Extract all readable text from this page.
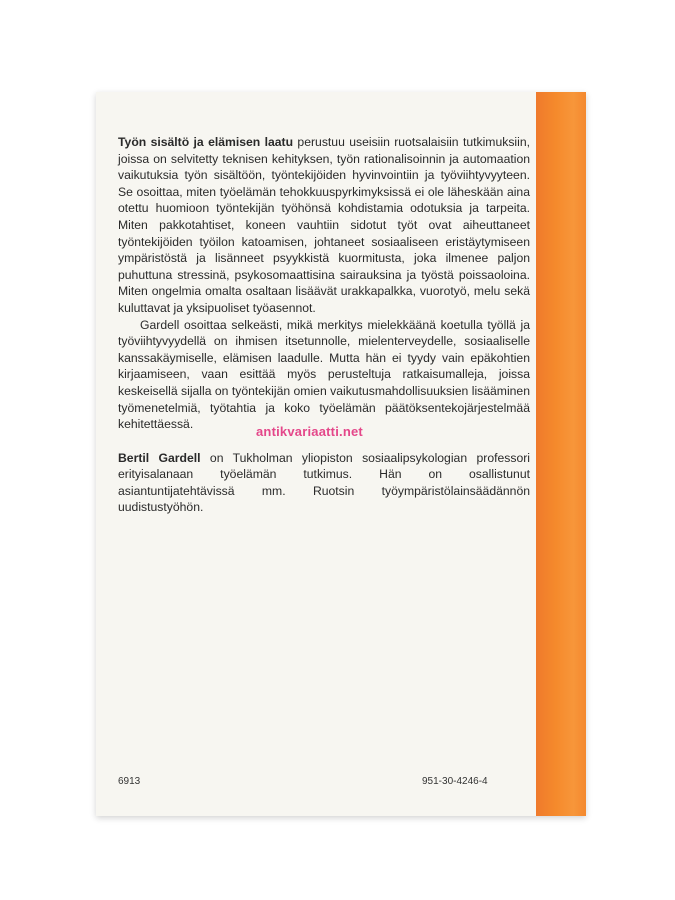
Työn sisältö ja elämisen laatu perustuu useisiin ruotsalaisiin tutkimuksiin, joissa on selvitetty teknisen kehityksen, työn rationalisoinnin ja automaation vaikutuksia työn sisältöön, työntekijöiden hyvinvointiin ja työviihtyvyyteen. Se osoittaa, miten työelämän tehokkuuspyrkimyksissä ei ole läheskään aina otettu huomioon työntekijän työhönsä kohdistamia odotuksia ja tarpeita. Miten pakkotahtiset, koneen vauhtiin sidotut työt ovat aiheuttaneet työntekijöiden työilon katoamisen, johtaneet sosiaaliseen eristäytymiseen ympäristöstä ja lisänneet psyykkistä kuormitusta, joka ilmenee paljon puhuttuna stressinä, psykosomaattisina sairauksina ja työstä poissaoloina. Miten ongelmia omalta osaltaan lisäävät urakkapalkka, vuorotyö, melu sekä kuluttavat ja yksipuoliset työasennot.

Gardell osoittaa selkeästi, mikä merkitys mielekkäänä koetulla työllä ja työviihtyvyydellä on ihmisen itsetunnolle, mielenterveydelle, sosiaaliselle kanssakäymiselle, elämisen laadulle. Mutta hän ei tyydy vain epäkohtien kirjaamiseen, vaan esittää myös perusteltuja ratkaisumalleja, joissa keskeisellä sijalla on työntekijän omien vaikutusmahdollisuuksien lisääminen työmenetelmiä, työtahtia ja koko työelämän päätöksentekojärjestelmää kehitettäessä.

Bertil Gardell on Tukholman yliopiston sosiaalipsykologian professori erityisalanaan työelämän tutkimus. Hän on osallistunut asiantuntijatehtävissä mm. Ruotsin työympäristölainsäädännön uudistustyöhön.

6913	951-30-4246-4
antikvariaatti.net
